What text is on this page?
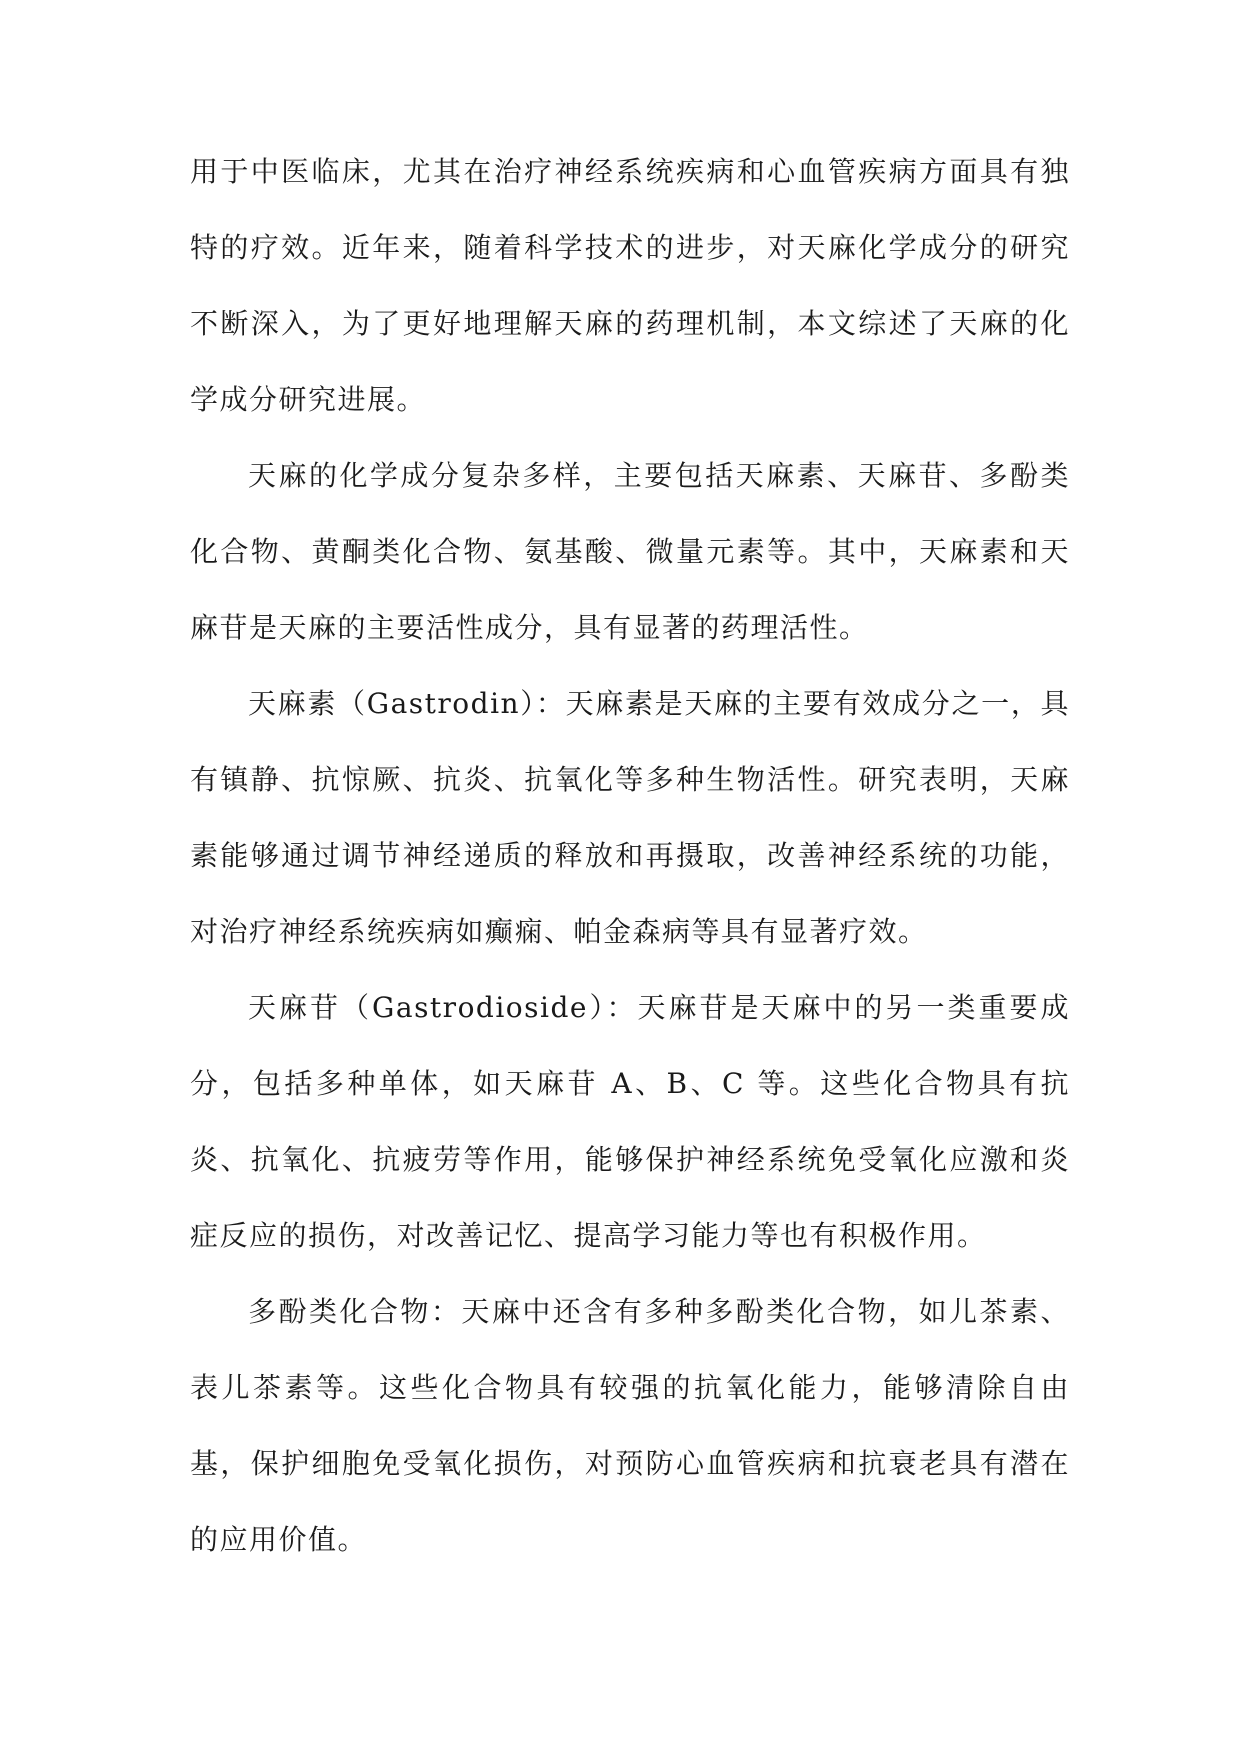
用于中医临床，尤其在治疗神经系统疾病和心血管疾病方面具有独特的疗效。近年来，随着科学技术的进步，对天麻化学成分的研究不断深入，为了更好地理解天麻的药理机制，本文综述了天麻的化学成分研究进展。

天麻的化学成分复杂多样，主要包括天麻素、天麻苷、多酚类化合物、黄酮类化合物、氨基酸、微量元素等。其中，天麻素和天麻苷是天麻的主要活性成分，具有显著的药理活性。

天麻素（Gastrodin）：天麻素是天麻的主要有效成分之一，具有镇静、抗惊厥、抗炎、抗氧化等多种生物活性。研究表明，天麻素能够通过调节神经递质的释放和再摄取，改善神经系统的功能，对治疗神经系统疾病如癫痫、帕金森病等具有显著疗效。

天麻苷（Gastrodioside）：天麻苷是天麻中的另一类重要成分，包括多种单体，如天麻苷 A、B、C 等。这些化合物具有抗炎、抗氧化、抗疲劳等作用，能够保护神经系统免受氧化应激和炎症反应的损伤，对改善记忆、提高学习能力等也有积极作用。

多酚类化合物：天麻中还含有多种多酚类化合物，如儿茶素、表儿茶素等。这些化合物具有较强的抗氧化能力，能够清除自由基，保护细胞免受氧化损伤，对预防心血管疾病和抗衰老具有潜在的应用价值。
